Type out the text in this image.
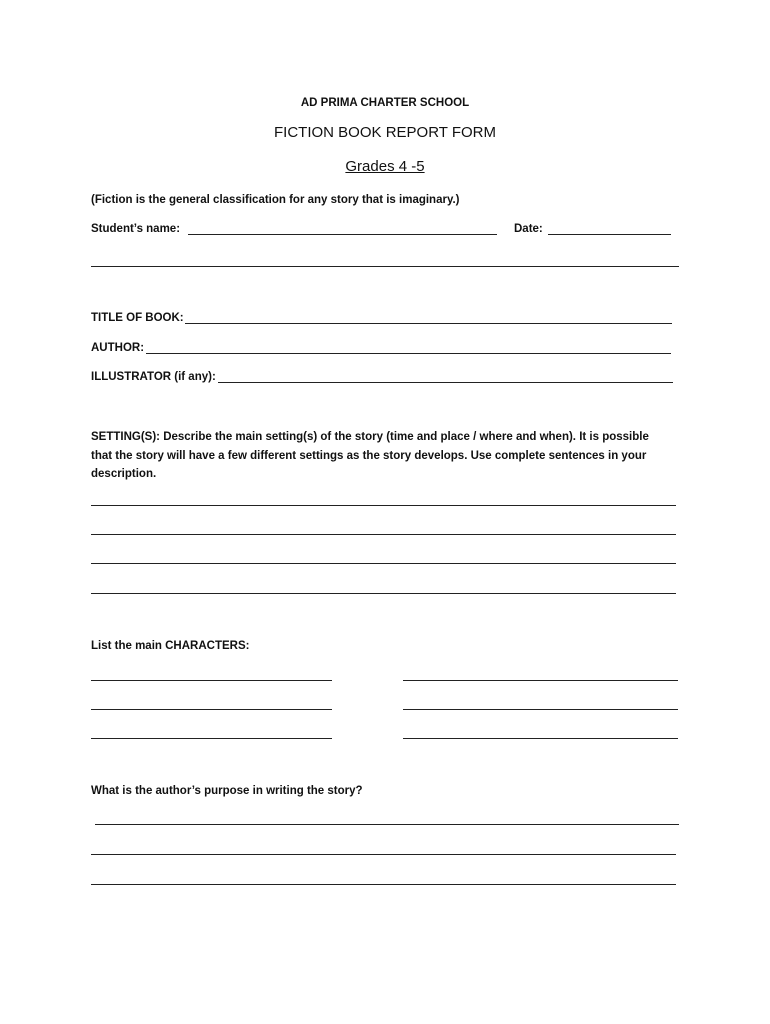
AD PRIMA CHARTER SCHOOL
FICTION BOOK REPORT FORM
Grades 4 -5
(Fiction is the general classification for any story that is imaginary.)
Student’s name:	Date:
TITLE OF BOOK:
AUTHOR:
ILLUSTRATOR (if any):
SETTING(S): Describe the main setting(s) of the story (time and place / where and when). It is possible that the story will have a few different settings as the story develops. Use complete sentences in your description.
List the main CHARACTERS:
What is the author’s purpose in writing the story?
